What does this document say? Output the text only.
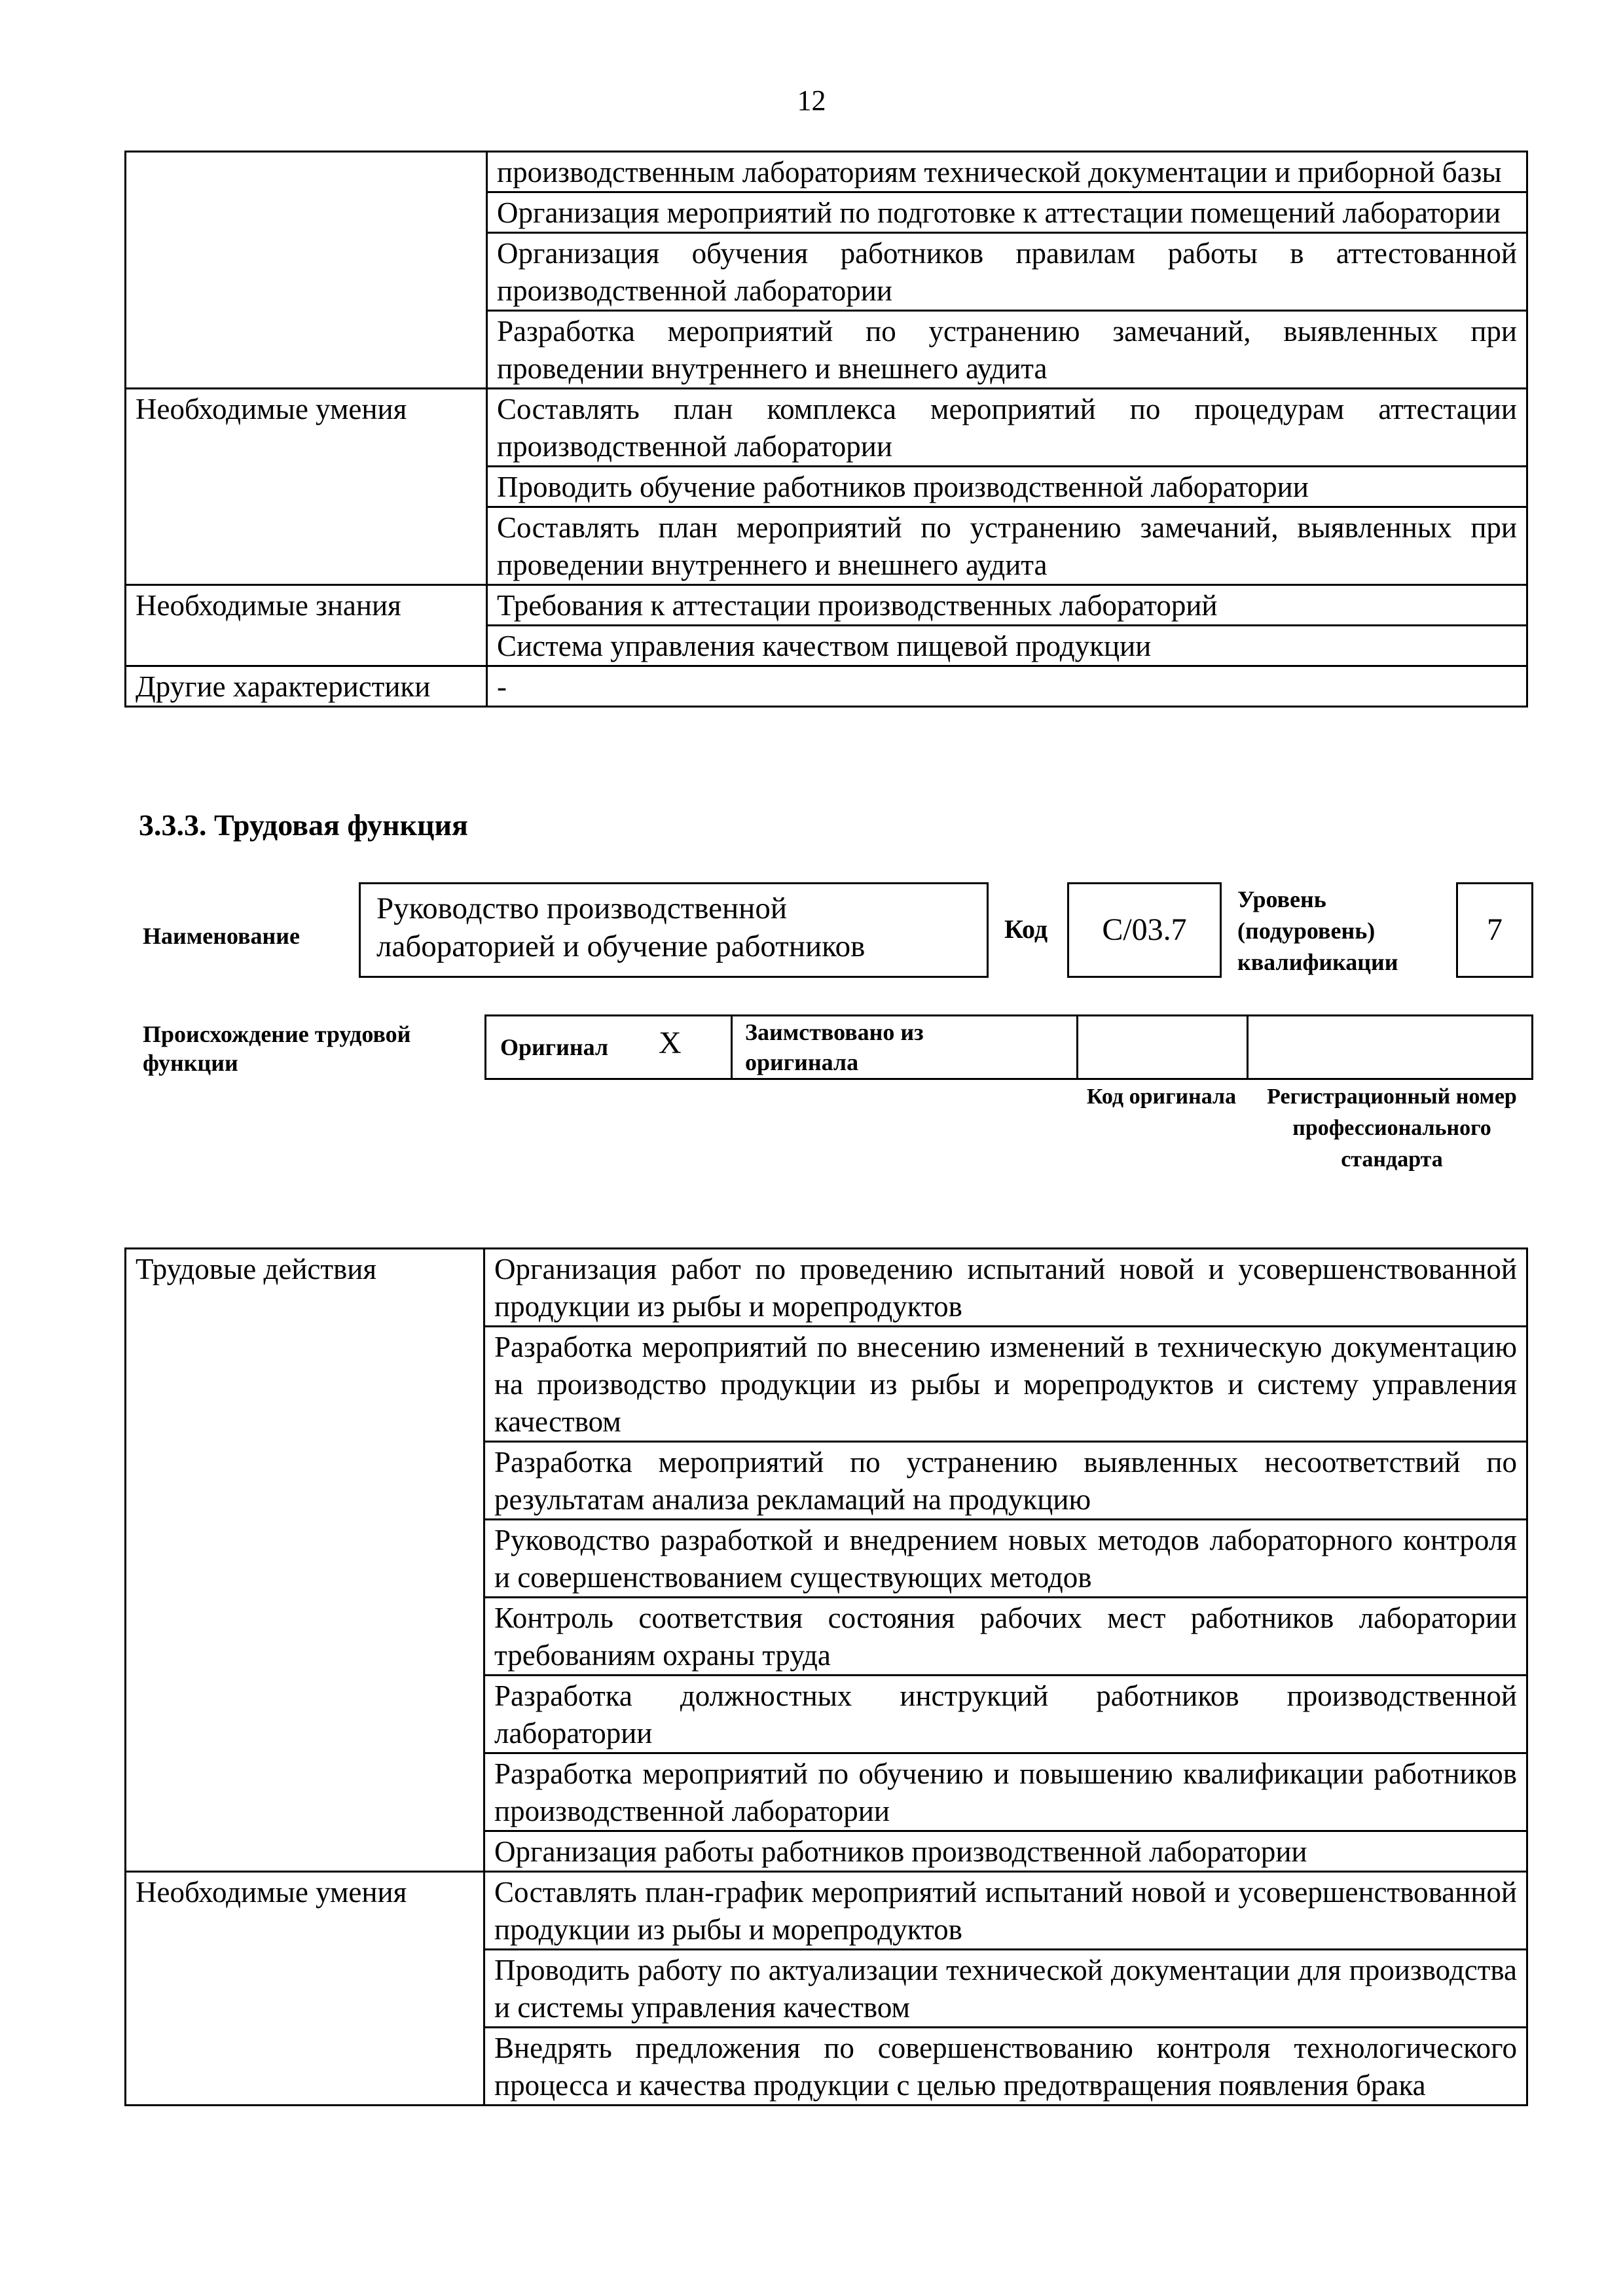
12
	производственным лабораториям технической документации и приборной базы
	Организация мероприятий по подготовке к аттестации помещений лаборатории
	Организация обучения работников правилам работы в аттестованной производственной лаборатории
	Разработка мероприятий по устранению замечаний, выявленных при проведении внутреннего и внешнего аудита
Необходимые умения	Составлять план комплекса мероприятий по процедурам аттестации производственной лаборатории
	Проводить обучение работников производственной лаборатории
	Составлять план мероприятий по устранению замечаний, выявленных при проведении внутреннего и внешнего аудита
Необходимые знания	Требования к аттестации производственных лабораторий
	Система управления качеством пищевой продукции
Другие характеристики	-
3.3.3. Трудовая функция
Наименование
Руководство производственной лабораторией и обучение работников
Код	C/03.7
Уровень (подуровень) квалификации
7
Происхождение трудовой функции
Оригинал X	Заимствовано из оригинала
Код оригинала	Регистрационный номер профессионального стандарта
Трудовые действия	Организация работ по проведению испытаний новой и усовершенствованной продукции из рыбы и морепродуктов
	Разработка мероприятий по внесению изменений в техническую документацию на производство продукции из рыбы и морепродуктов и систему управления качеством
	Разработка мероприятий по устранению выявленных несоответствий по результатам анализа рекламаций на продукцию
	Руководство разработкой и внедрением новых методов лабораторного контроля и совершенствованием существующих методов
	Контроль соответствия состояния рабочих мест работников лаборатории требованиям охраны труда
	Разработка должностных инструкций работников производственной лаборатории
	Разработка мероприятий по обучению и повышению квалификации работников производственной лаборатории
	Организация работы работников производственной лаборатории
Необходимые умения	Составлять план-график мероприятий испытаний новой и усовершенствованной продукции из рыбы и морепродуктов
	Проводить работу по актуализации технической документации для производства и системы управления качеством
	Внедрять предложения по совершенствованию контроля технологического процесса и качества продукции с целью предотвращения появления брака
